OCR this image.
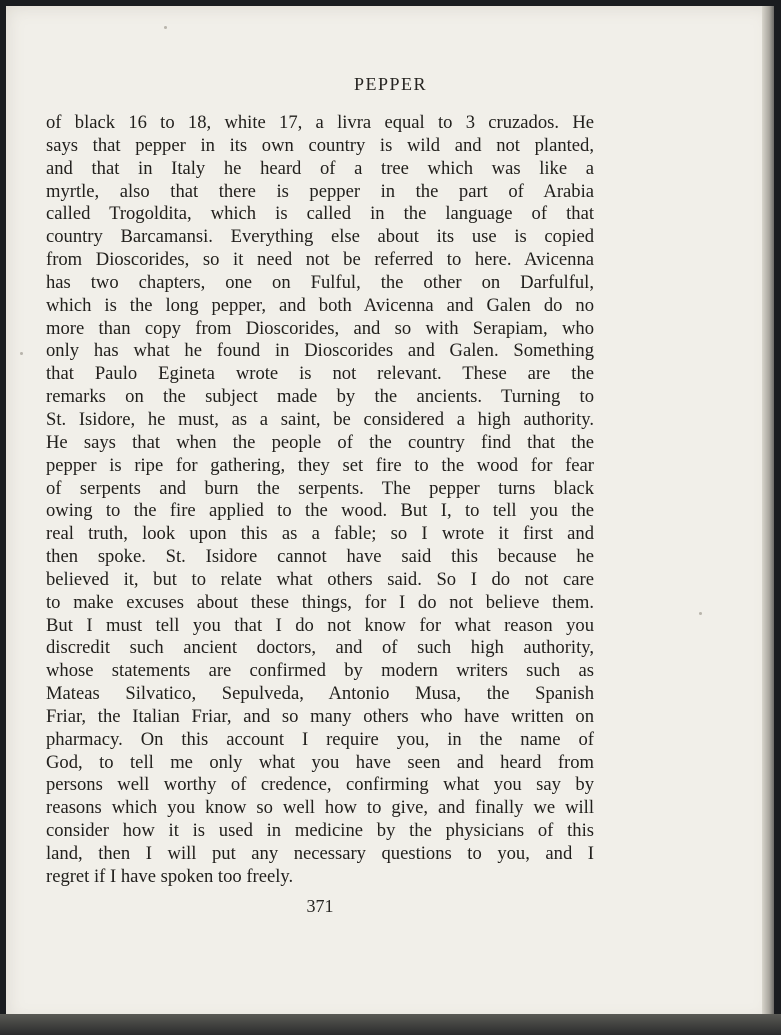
PEPPER
of black 16 to 18, white 17, a livra equal to 3 cruzados. He
says that pepper in its own country is wild and not planted,
and that in Italy he heard of a tree which was like a
myrtle, also that there is pepper in the part of Arabia
called Trogoldita, which is called in the language of that
country Barcamansi. Everything else about its use is copied
from Dioscorides, so it need not be referred to here. Avicenna
has two chapters, one on Fulful, the other on Darfulful,
which is the long pepper, and both Avicenna and Galen do no
more than copy from Dioscorides, and so with Serapiam, who
only has what he found in Dioscorides and Galen. Something
that Paulo Egineta wrote is not relevant. These are the
remarks on the subject made by the ancients. Turning to
St. Isidore, he must, as a saint, be considered a high authority.
He says that when the people of the country find that the
pepper is ripe for gathering, they set fire to the wood for fear
of serpents and burn the serpents. The pepper turns black
owing to the fire applied to the wood. But I, to tell you the
real truth, look upon this as a fable; so I wrote it first and
then spoke. St. Isidore cannot have said this because he
believed it, but to relate what others said. So I do not care
to make excuses about these things, for I do not believe them.
But I must tell you that I do not know for what reason you
discredit such ancient doctors, and of such high authority,
whose statements are confirmed by modern writers such as
Mateas Silvatico, Sepulveda, Antonio Musa, the Spanish
Friar, the Italian Friar, and so many others who have written on
pharmacy. On this account I require you, in the name of
God, to tell me only what you have seen and heard from
persons well worthy of credence, confirming what you say by
reasons which you know so well how to give, and finally we will
consider how it is used in medicine by the physicians of this
land, then I will put any necessary questions to you, and I
regret if I have spoken too freely.
371
